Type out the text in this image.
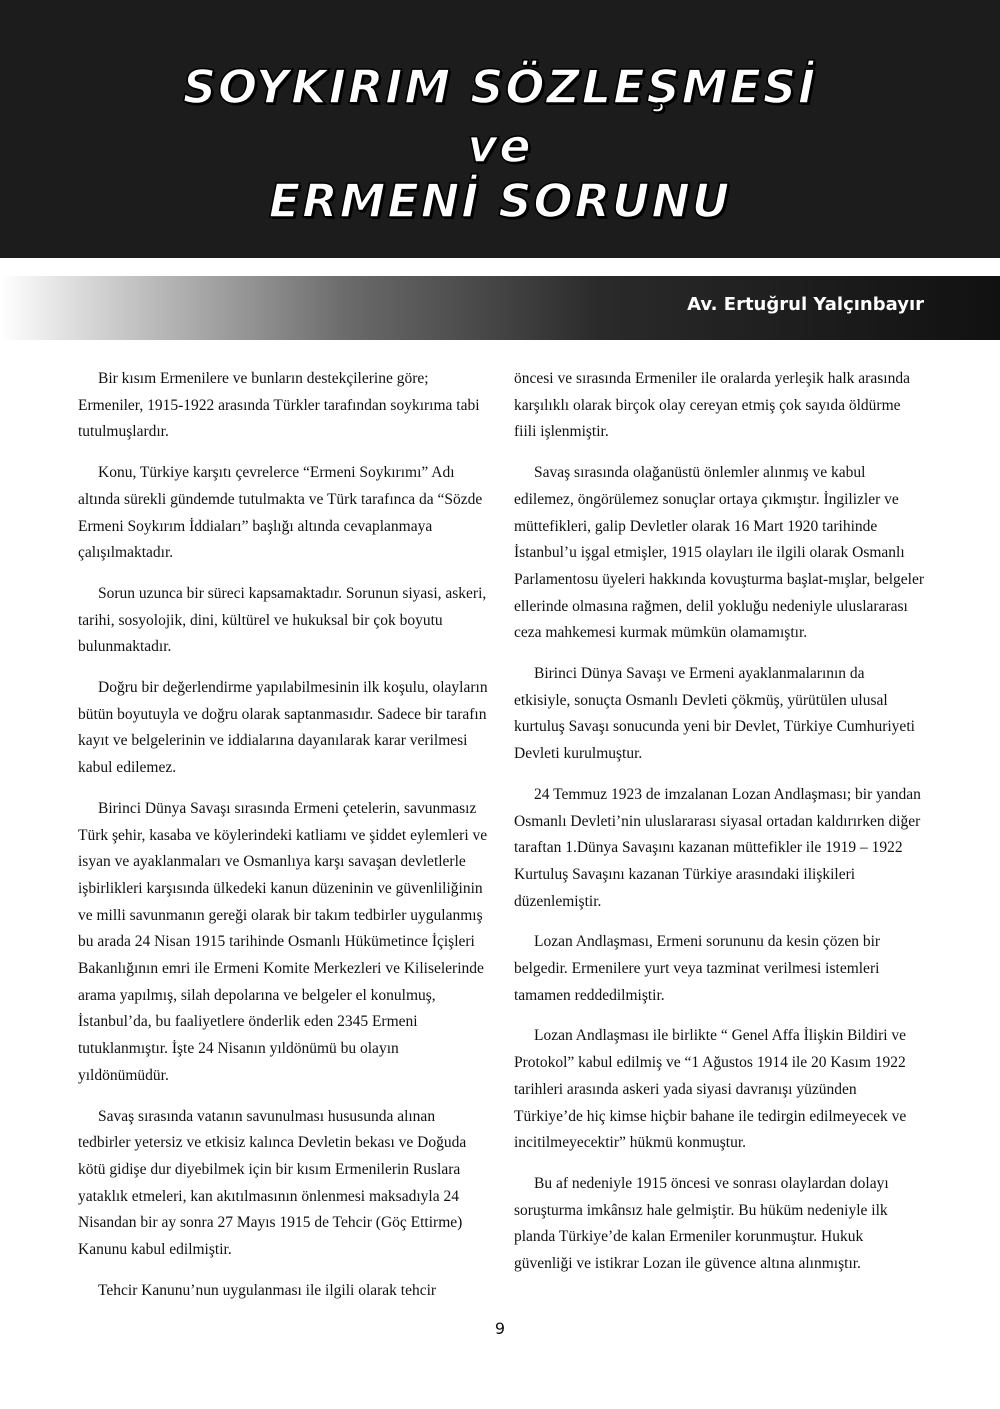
SOYKIRIM SÖZLEŞMESİ
ve
ERMENİ SORUNU
Av. Ertuğrul Yalçınbayır

Bir kısım Ermenilere ve bunların destekçilerine göre; Ermeniler, 1915-1922 arasında Türkler tarafından soykırıma tabi tutulmuşlardır.

Konu, Türkiye karşıtı çevrelerce “Ermeni Soykırımı” Adı altında sürekli gündemde tutulmakta ve Türk tarafınca da “Sözde Ermeni Soykırım İddiaları” başlığı altında cevaplanmaya çalışılmaktadır.

Sorun uzunca bir süreci kapsamaktadır. Sorunun siyasi, askeri, tarihi, sosyolojik, dini, kültürel ve hukuksal bir çok boyutu bulunmaktadır.

Doğru bir değerlendirme yapılabilmesinin ilk koşulu, olayların bütün boyutuyla ve doğru olarak saptanmasıdır. Sadece bir tarafın kayıt ve belgelerinin ve iddialarına dayanılarak karar verilmesi kabul edilemez.

Birinci Dünya Savaşı sırasında Ermeni çetelerin, savunmasız Türk şehir, kasaba ve köylerindeki katliamı ve şiddet eylemleri ve isyan ve ayaklanmaları ve Osmanlıya karşı savaşan devletlerle işbirlikleri karşısında ülkedeki kanun düzeninin ve güvenliliğinin ve milli savunmanın gereği olarak bir takım tedbirler uygulanmış bu arada 24 Nisan 1915 tarihinde Osmanlı Hükümetince İçişleri Bakanlığının emri ile Ermeni Komite Merkezleri ve Kiliselerinde arama yapılmış, silah depolarına ve belgeler el konulmuş, İstanbul’da, bu faaliyetlere önderlik eden 2345 Ermeni tutuklanmıştır. İşte 24 Nisanın yıldönümü bu olayın yıldönümüdür.

Savaş sırasında vatanın savunulması hususunda alınan tedbirler yetersiz ve etkisiz kalınca Devletin bekası ve Doğuda kötü gidişe dur diyebilmek için bir kısım Ermenilerin Ruslara yataklık etmeleri, kan akıtılmasının önlenmesi maksadıyla 24 Nisandan bir ay sonra 27 Mayıs 1915 de Tehcir (Göç Ettirme) Kanunu kabul edilmiştir.

Tehcir Kanunu’nun uygulanması ile ilgili olarak tehcir

öncesi ve sırasında Ermeniler ile oralarda yerleşik halk arasında karşılıklı olarak birçok olay cereyan etmiş çok sayıda öldürme fiili işlenmiştir.

Savaş sırasında olağanüstü önlemler alınmış ve kabul edilemez, öngörülemez sonuçlar ortaya çıkmıştır. İngilizler ve müttefikleri, galip Devletler olarak 16 Mart 1920 tarihinde İstanbul’u işgal etmişler, 1915 olayları ile ilgili olarak Osmanlı Parlamentosu üyeleri hakkında kovuşturma başlat-mışlar, belgeler ellerinde olmasına rağmen, delil yokluğu nedeniyle uluslararası ceza mahkemesi kurmak mümkün olamamıştır.

Birinci Dünya Savaşı ve Ermeni ayaklanmalarının da etkisiyle, sonuçta Osmanlı Devleti çökmüş, yürütülen ulusal kurtuluş Savaşı sonucunda yeni bir Devlet, Türkiye Cumhuriyeti Devleti kurulmuştur.

24 Temmuz 1923 de imzalanan Lozan Andlaşması; bir yandan Osmanlı Devleti’nin uluslararası siyasal ortadan kaldırırken diğer taraftan 1.Dünya Savaşını kazanan müttefikler ile 1919 – 1922 Kurtuluş Savaşını kazanan Türkiye arasındaki ilişkileri düzenlemiştir.

Lozan Andlaşması, Ermeni sorununu da kesin çözen bir belgedir. Ermenilere yurt veya tazminat verilmesi istemleri tamamen reddedilmiştir.

Lozan Andlaşması ile birlikte “ Genel Affa İlişkin Bildiri ve Protokol” kabul edilmiş ve “1 Ağustos 1914 ile 20 Kasım 1922 tarihleri arasında askeri yada siyasi davranışı yüzünden Türkiye’de hiç kimse hiçbir bahane ile tedirgin edilmeyecek ve incitilmeyecektir” hükmü konmuştur.

Bu af nedeniyle 1915 öncesi ve sonrası olaylardan dolayı soruşturma imkânsız hale gelmiştir. Bu hüküm nedeniyle ilk planda Türkiye’de kalan Ermeniler korunmuştur. Hukuk güvenliği ve istikrar Lozan ile güvence altına alınmıştır.

9
